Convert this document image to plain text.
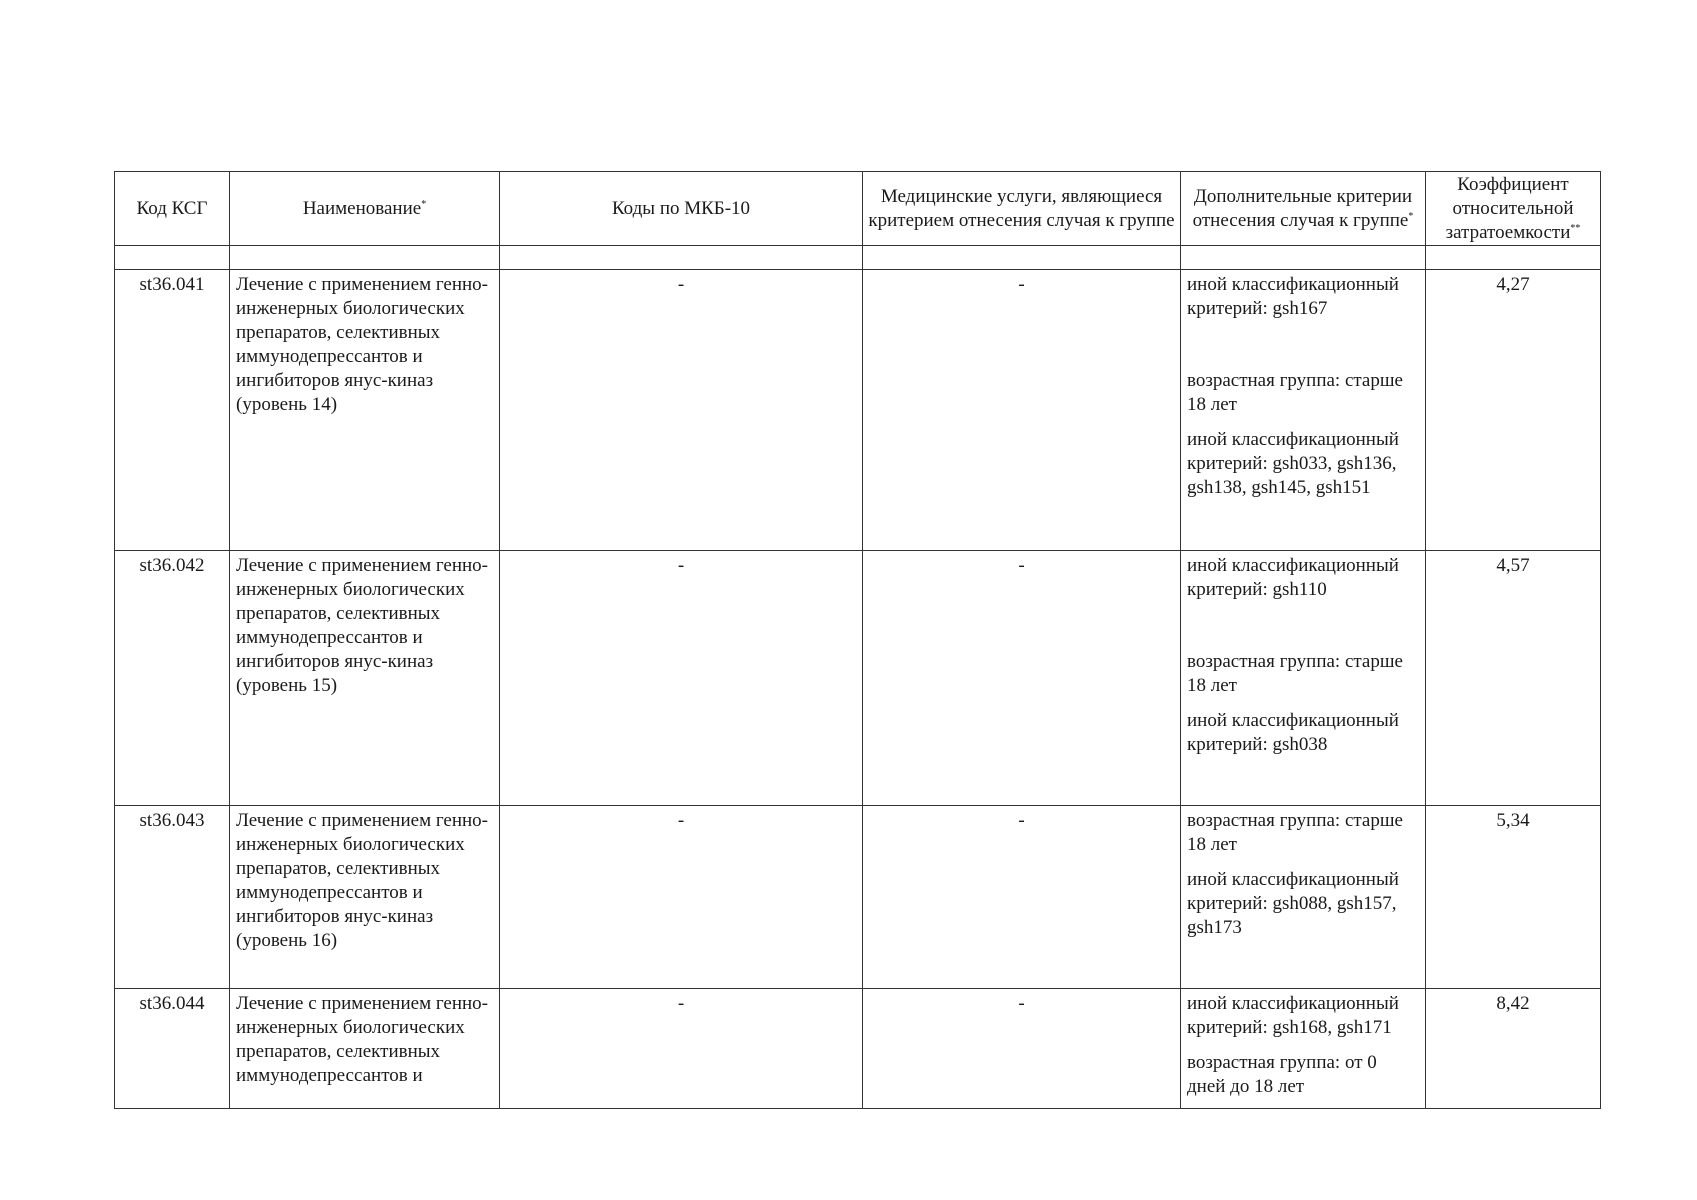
Код КСГ	Наименование*	Коды по МКБ-10	Медицинские услуги, являющиеся критерием отнесения случая к группе	Дополнительные критерии отнесения случая к группе*	Коэффициент относительной затратоемкости**

st36.041	Лечение с применением генно-инженерных биологических препаратов, селективных иммунодепрессантов и ингибиторов янус-киназ (уровень 14)	-	-	иной классификационный критерий: gsh167
возрастная группа: старше 18 лет
иной классификационный критерий: gsh033, gsh136, gsh138, gsh145, gsh151	4,27
st36.042	Лечение с применением генно-инженерных биологических препаратов, селективных иммунодепрессантов и ингибиторов янус-киназ (уровень 15)	-	-	иной классификационный критерий: gsh110
возрастная группа: старше 18 лет
иной классификационный критерий: gsh038	4,57
st36.043	Лечение с применением генно-инженерных биологических препаратов, селективных иммунодепрессантов и ингибиторов янус-киназ (уровень 16)	-	-	возрастная группа: старше 18 лет
иной классификационный критерий: gsh088, gsh157, gsh173	5,34
st36.044	Лечение с применением генно-инженерных биологических препаратов, селективных иммунодепрессантов и	-	-	иной классификационный критерий: gsh168, gsh171
возрастная группа: от 0 дней до 18 лет	8,42
